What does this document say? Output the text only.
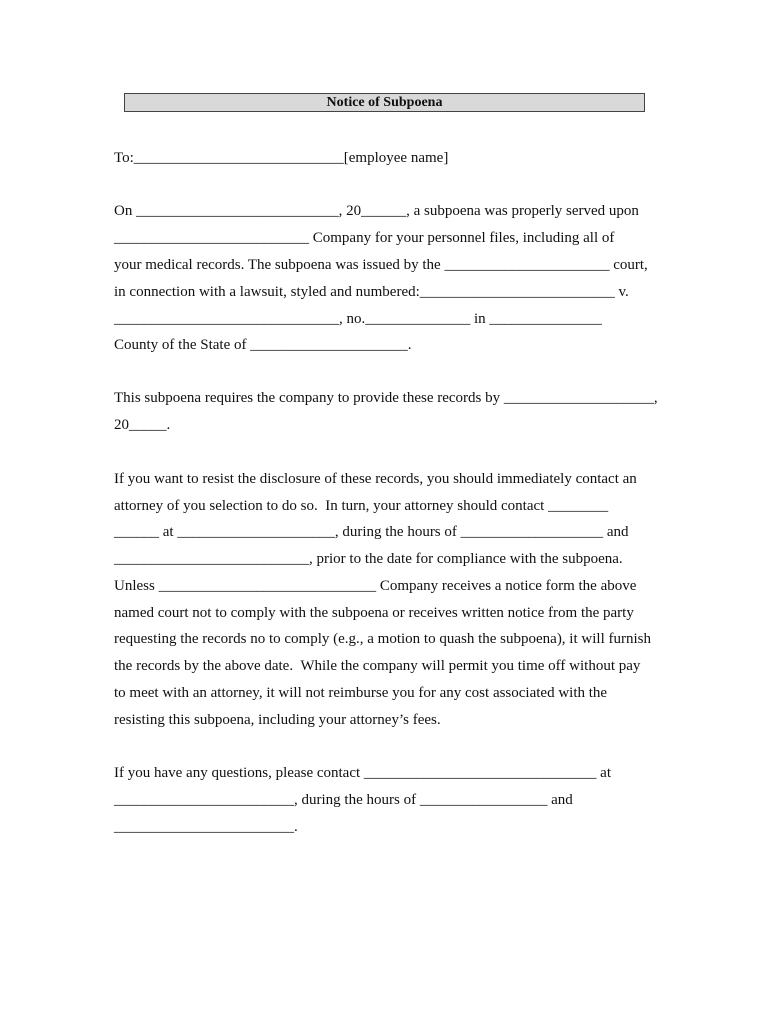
Notice of Subpoena
To:____________________________[employee name]
On ___________________________, 20______, a subpoena was properly served upon
__________________________ Company for your personnel files, including all of
your medical records. The subpoena was issued by the ______________________ court,
in connection with a lawsuit, styled and numbered:__________________________ v.
______________________________, no.______________ in _______________
County of the State of _____________________.
This subpoena requires the company to provide these records by ____________________,
20_____.
If you want to resist the disclosure of these records, you should immediately contact an
attorney of you selection to do so.  In turn, your attorney should contact ________
______ at _____________________, during the hours of ___________________ and
__________________________, prior to the date for compliance with the subpoena.
Unless _____________________________ Company receives a notice form the above
named court not to comply with the subpoena or receives written notice from the party
requesting the records no to comply (e.g., a motion to quash the subpoena), it will furnish
the records by the above date.  While the company will permit you time off without pay
to meet with an attorney, it will not reimburse you for any cost associated with the
resisting this subpoena, including your attorney’s fees.
If you have any questions, please contact _______________________________ at
________________________, during the hours of _________________ and
________________________.
